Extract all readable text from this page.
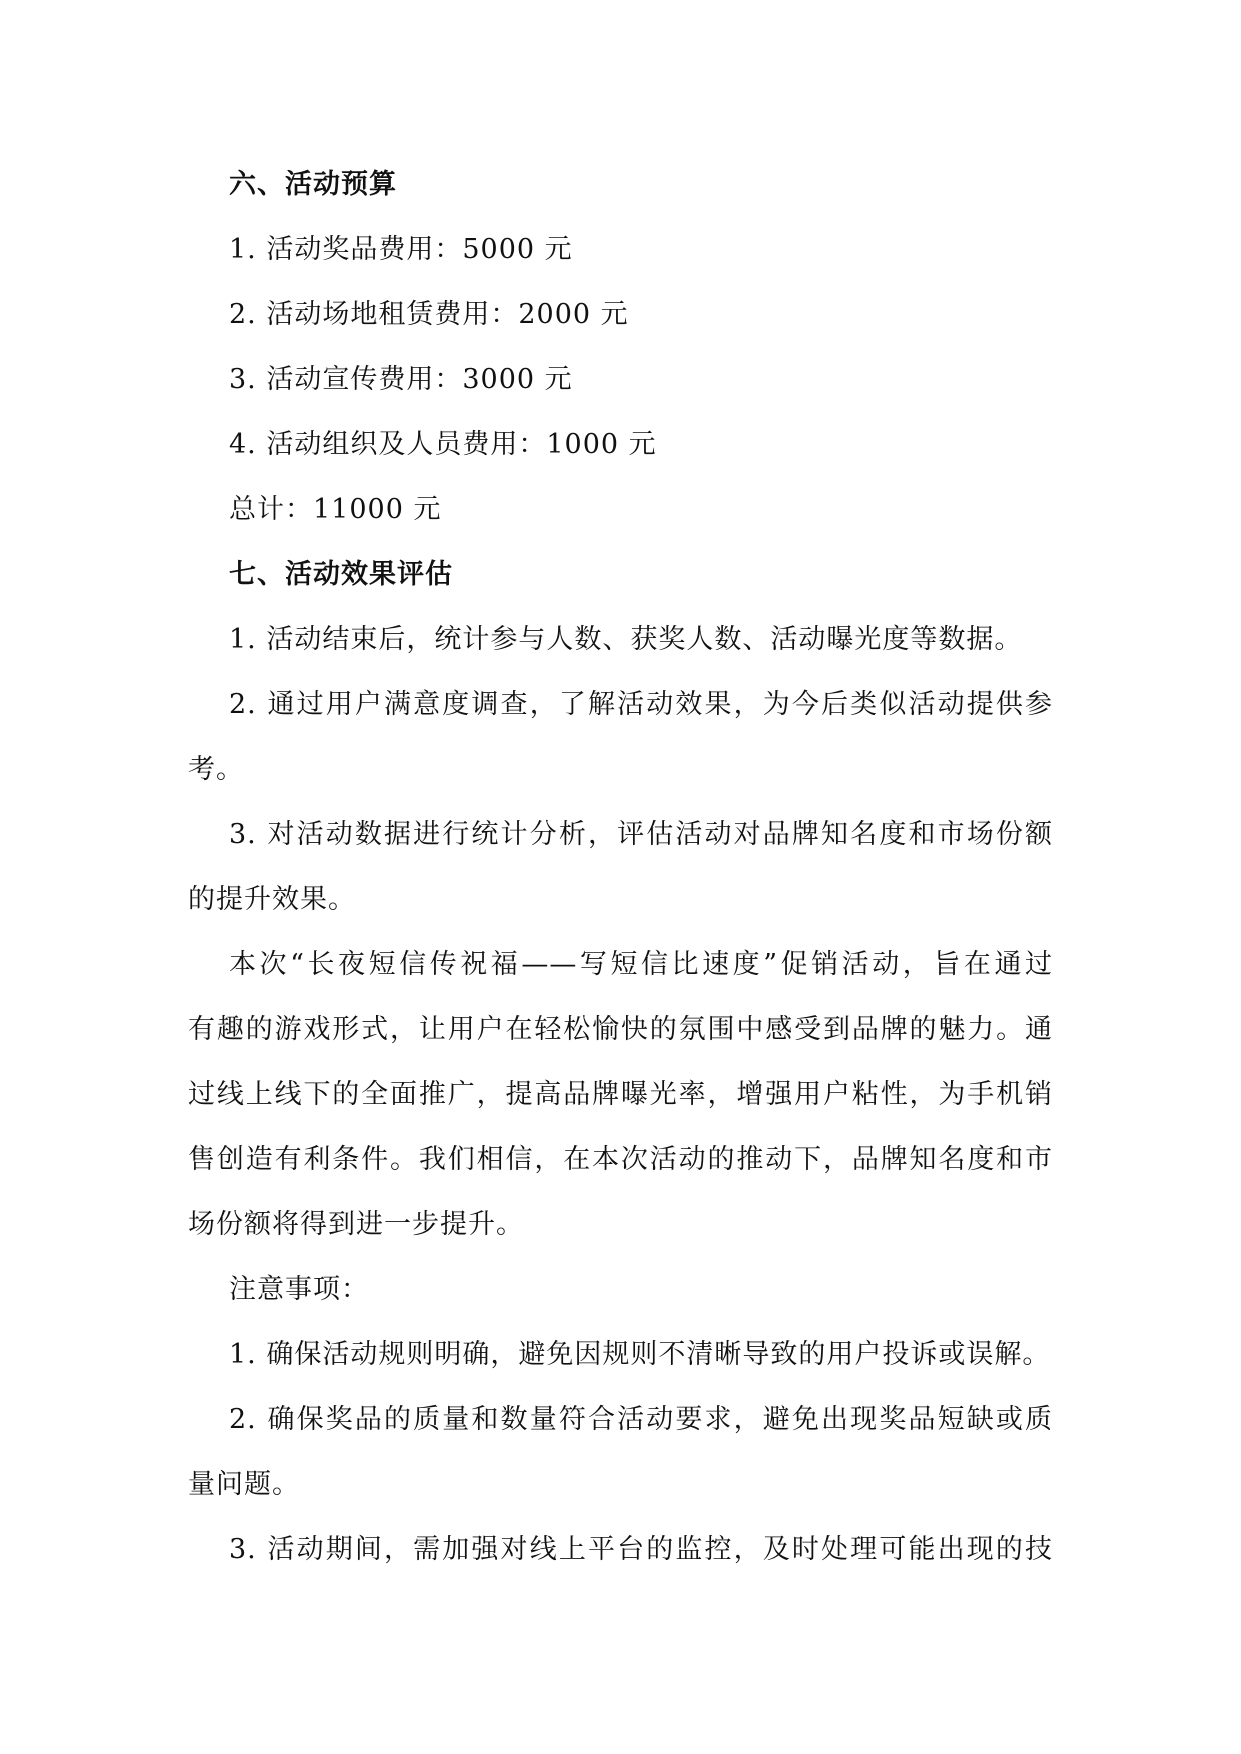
六、活动预算
1. 活动奖品费用：5000 元
2. 活动场地租赁费用：2000 元
3. 活动宣传费用：3000 元
4. 活动组织及人员费用：1000 元
总计：11000 元
七、活动效果评估
1. 活动结束后，统计参与人数、获奖人数、活动曝光度等数据。
2. 通过用户满意度调查，了解活动效果，为今后类似活动提供参
考。
3. 对活动数据进行统计分析，评估活动对品牌知名度和市场份额
的提升效果。
本次“长夜短信传祝福——写短信比速度”促销活动，旨在通过
有趣的游戏形式，让用户在轻松愉快的氛围中感受到品牌的魅力。通
过线上线下的全面推广，提高品牌曝光率，增强用户粘性，为手机销
售创造有利条件。我们相信，在本次活动的推动下，品牌知名度和市
场份额将得到进一步提升。
注意事项：
1. 确保活动规则明确，避免因规则不清晰导致的用户投诉或误解。
2. 确保奖品的质量和数量符合活动要求，避免出现奖品短缺或质
量问题。
3. 活动期间，需加强对线上平台的监控，及时处理可能出现的技
